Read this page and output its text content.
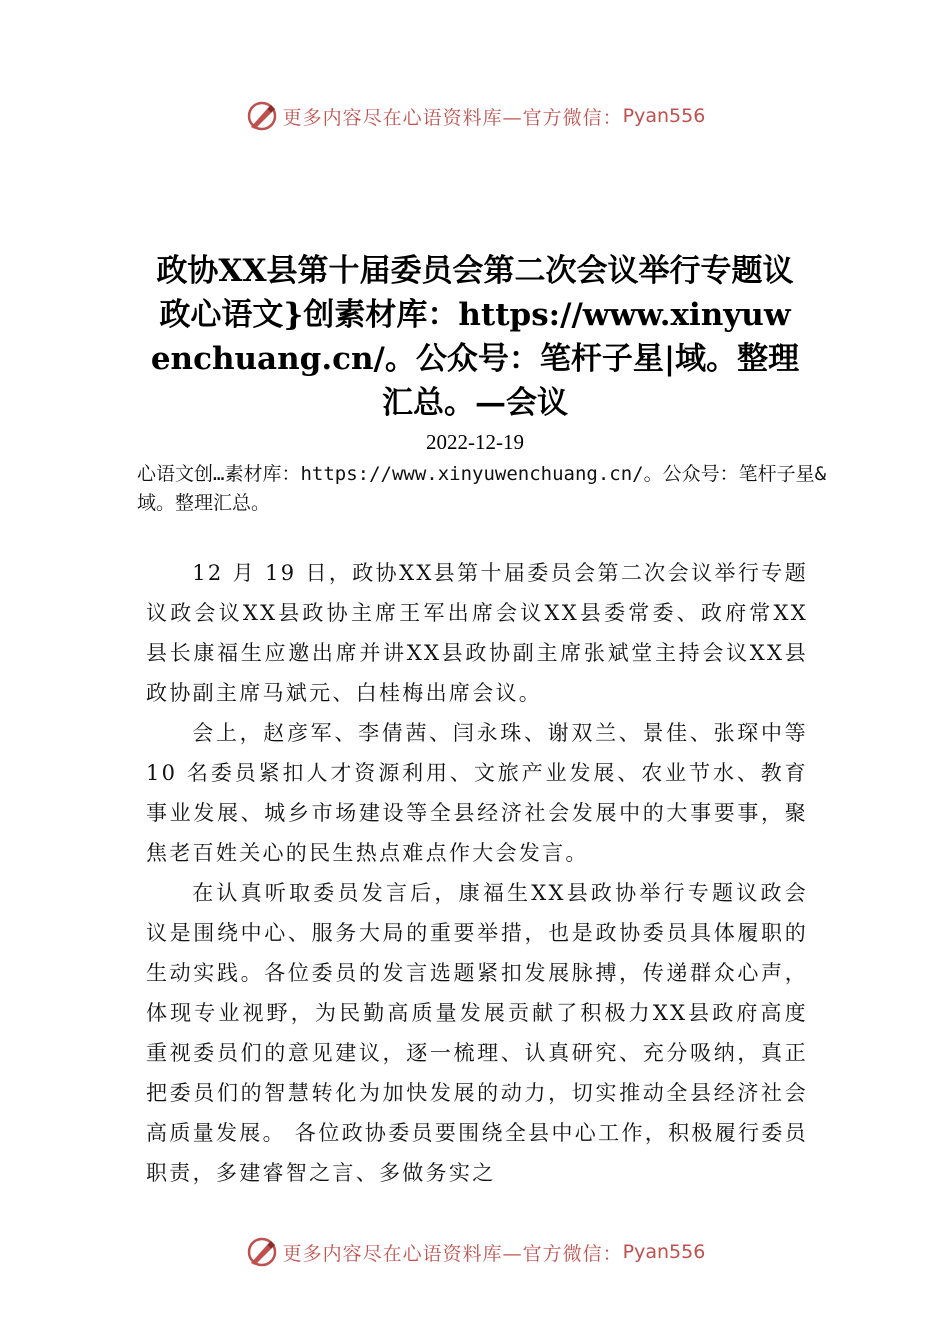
更多内容尽在心语资料库—官方微信： Pyan556
政协XX县第十届委员会第二次会议举行专题议政心语文}创素材库：https://www.xinyuwenchuang.cn/。公众号：笔杆子星|域。整理汇总。—会议
2022-12-19
心语文创…素材库：https://www.xinyuwenchuang.cn/。公众号：笔杆子星&域。整理汇总。

12 月 19 日，政协XX县第十届委员会第二次会议举行专题议政会议XX县政协主席王军出席会议XX县委常委、政府常XX县长康福生应邀出席并讲XX县政协副主席张斌堂主持会议XX县政协副主席马斌元、白桂梅出席会议。

会上，赵彦军、李倩茜、闫永珠、谢双兰、景佳、张琛中等 10 名委员紧扣人才资源利用、文旅产业发展、农业节水、教育事业发展、城乡市场建设等全县经济社会发展中的大事要事，聚焦老百姓关心的民生热点难点作大会发言。

在认真听取委员发言后，康福生XX县政协举行专题议政会议是围绕中心、服务大局的重要举措，也是政协委员具体履职的生动实践。各位委员的发言选题紧扣发展脉搏，传递群众心声，体现专业视野，为民勤高质量发展贡献了积极力XX县政府高度重视委员们的意见建议，逐一梳理、认真研究、充分吸纳，真正把委员们的智慧转化为加快发展的动力，切实推动全县经济社会高质量发展。 各位政协委员要围绕全县中心工作，积极履行委员职责，多建睿智之言、多做务实之

更多内容尽在心语资料库—官方微信： Pyan556
